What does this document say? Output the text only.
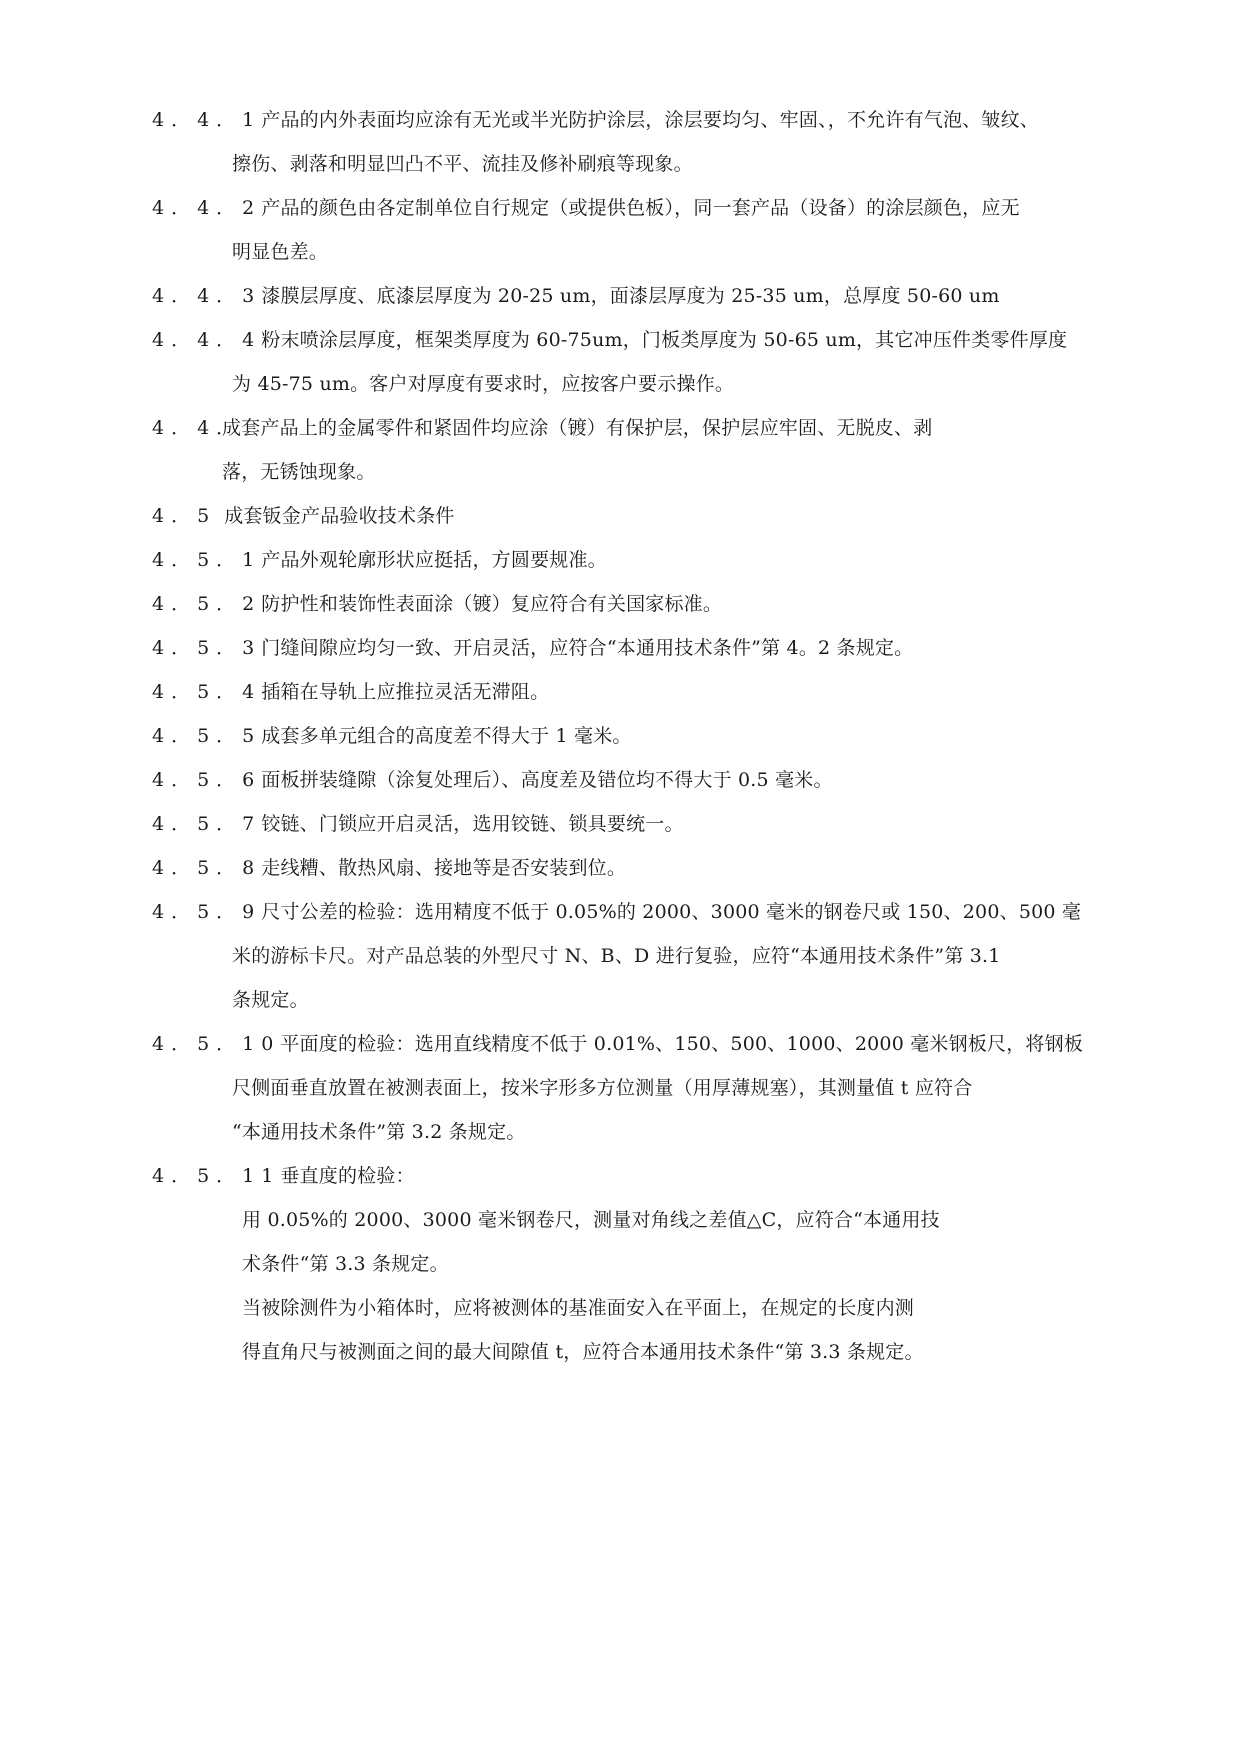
4．4．1产品的内外表面均应涂有无光或半光防护涂层，涂层要均匀、牢固、，不允许有气泡、皱纹、
擦伤、剥落和明显凹凸不平、流挂及修补刷痕等现象。
4．4．2产品的颜色由各定制单位自行规定（或提供色板），同一套产品（设备）的涂层颜色，应无
明显色差。
4．4．3漆膜层厚度、底漆层厚度为 20-25 um，面漆层厚度为 25-35 um，总厚度 50-60 um
4．4．4粉末喷涂层厚度，框架类厚度为 60-75um，门板类厚度为 50-65 um，其它冲压件类零件厚度
为 45-75 um。客户对厚度有要求时，应按客户要示操作。
4．4．成套产品上的金属零件和紧固件均应涂（镀）有保护层，保护层应牢固、无脱皮、剥
落，无锈蚀现象。
4．5 成套钣金产品验收技术条件
4．5．1产品外观轮廓形状应挺括，方圆要规准。
4．5．2防护性和装饰性表面涂（镀）复应符合有关国家标准。
4．5．3门缝间隙应均匀一致、开启灵活，应符合“本通用技术条件”第 4。2 条规定。
4．5．4插箱在导轨上应推拉灵活无滞阻。
4．5．5成套多单元组合的高度差不得大于 1 毫米。
4．5．6面板拼装缝隙（涂复处理后）、高度差及错位均不得大于 0.5 毫米。
4．5．7铰链、门锁应开启灵活，选用铰链、锁具要统一。
4．5．8走线糟、散热风扇、接地等是否安装到位。
4．5．9尺寸公差的检验：选用精度不低于 0.05%的 2000、3000 毫米的钢卷尺或 150、200、500 毫
米的游标卡尺。对产品总装的外型尺寸 N、B、D 进行复验，应符“本通用技术条件”第 3.1
条规定。
4．5．10平面度的检验：选用直线精度不低于 0.01%、150、500、1000、2000 毫米钢板尺，将钢板
尺侧面垂直放置在被测表面上，按米字形多方位测量（用厚薄规塞），其测量值 t 应符合
“本通用技术条件”第 3.2 条规定。
4．5．11垂直度的检验：
用 0.05%的 2000、3000 毫米钢卷尺，测量对角线之差值△C，应符合“本通用技
术条件“第 3.3 条规定。
当被除测件为小箱体时，应将被测体的基准面安入在平面上，在规定的长度内测
得直角尺与被测面之间的最大间隙值 t，应符合本通用技术条件“第 3.3 条规定。
